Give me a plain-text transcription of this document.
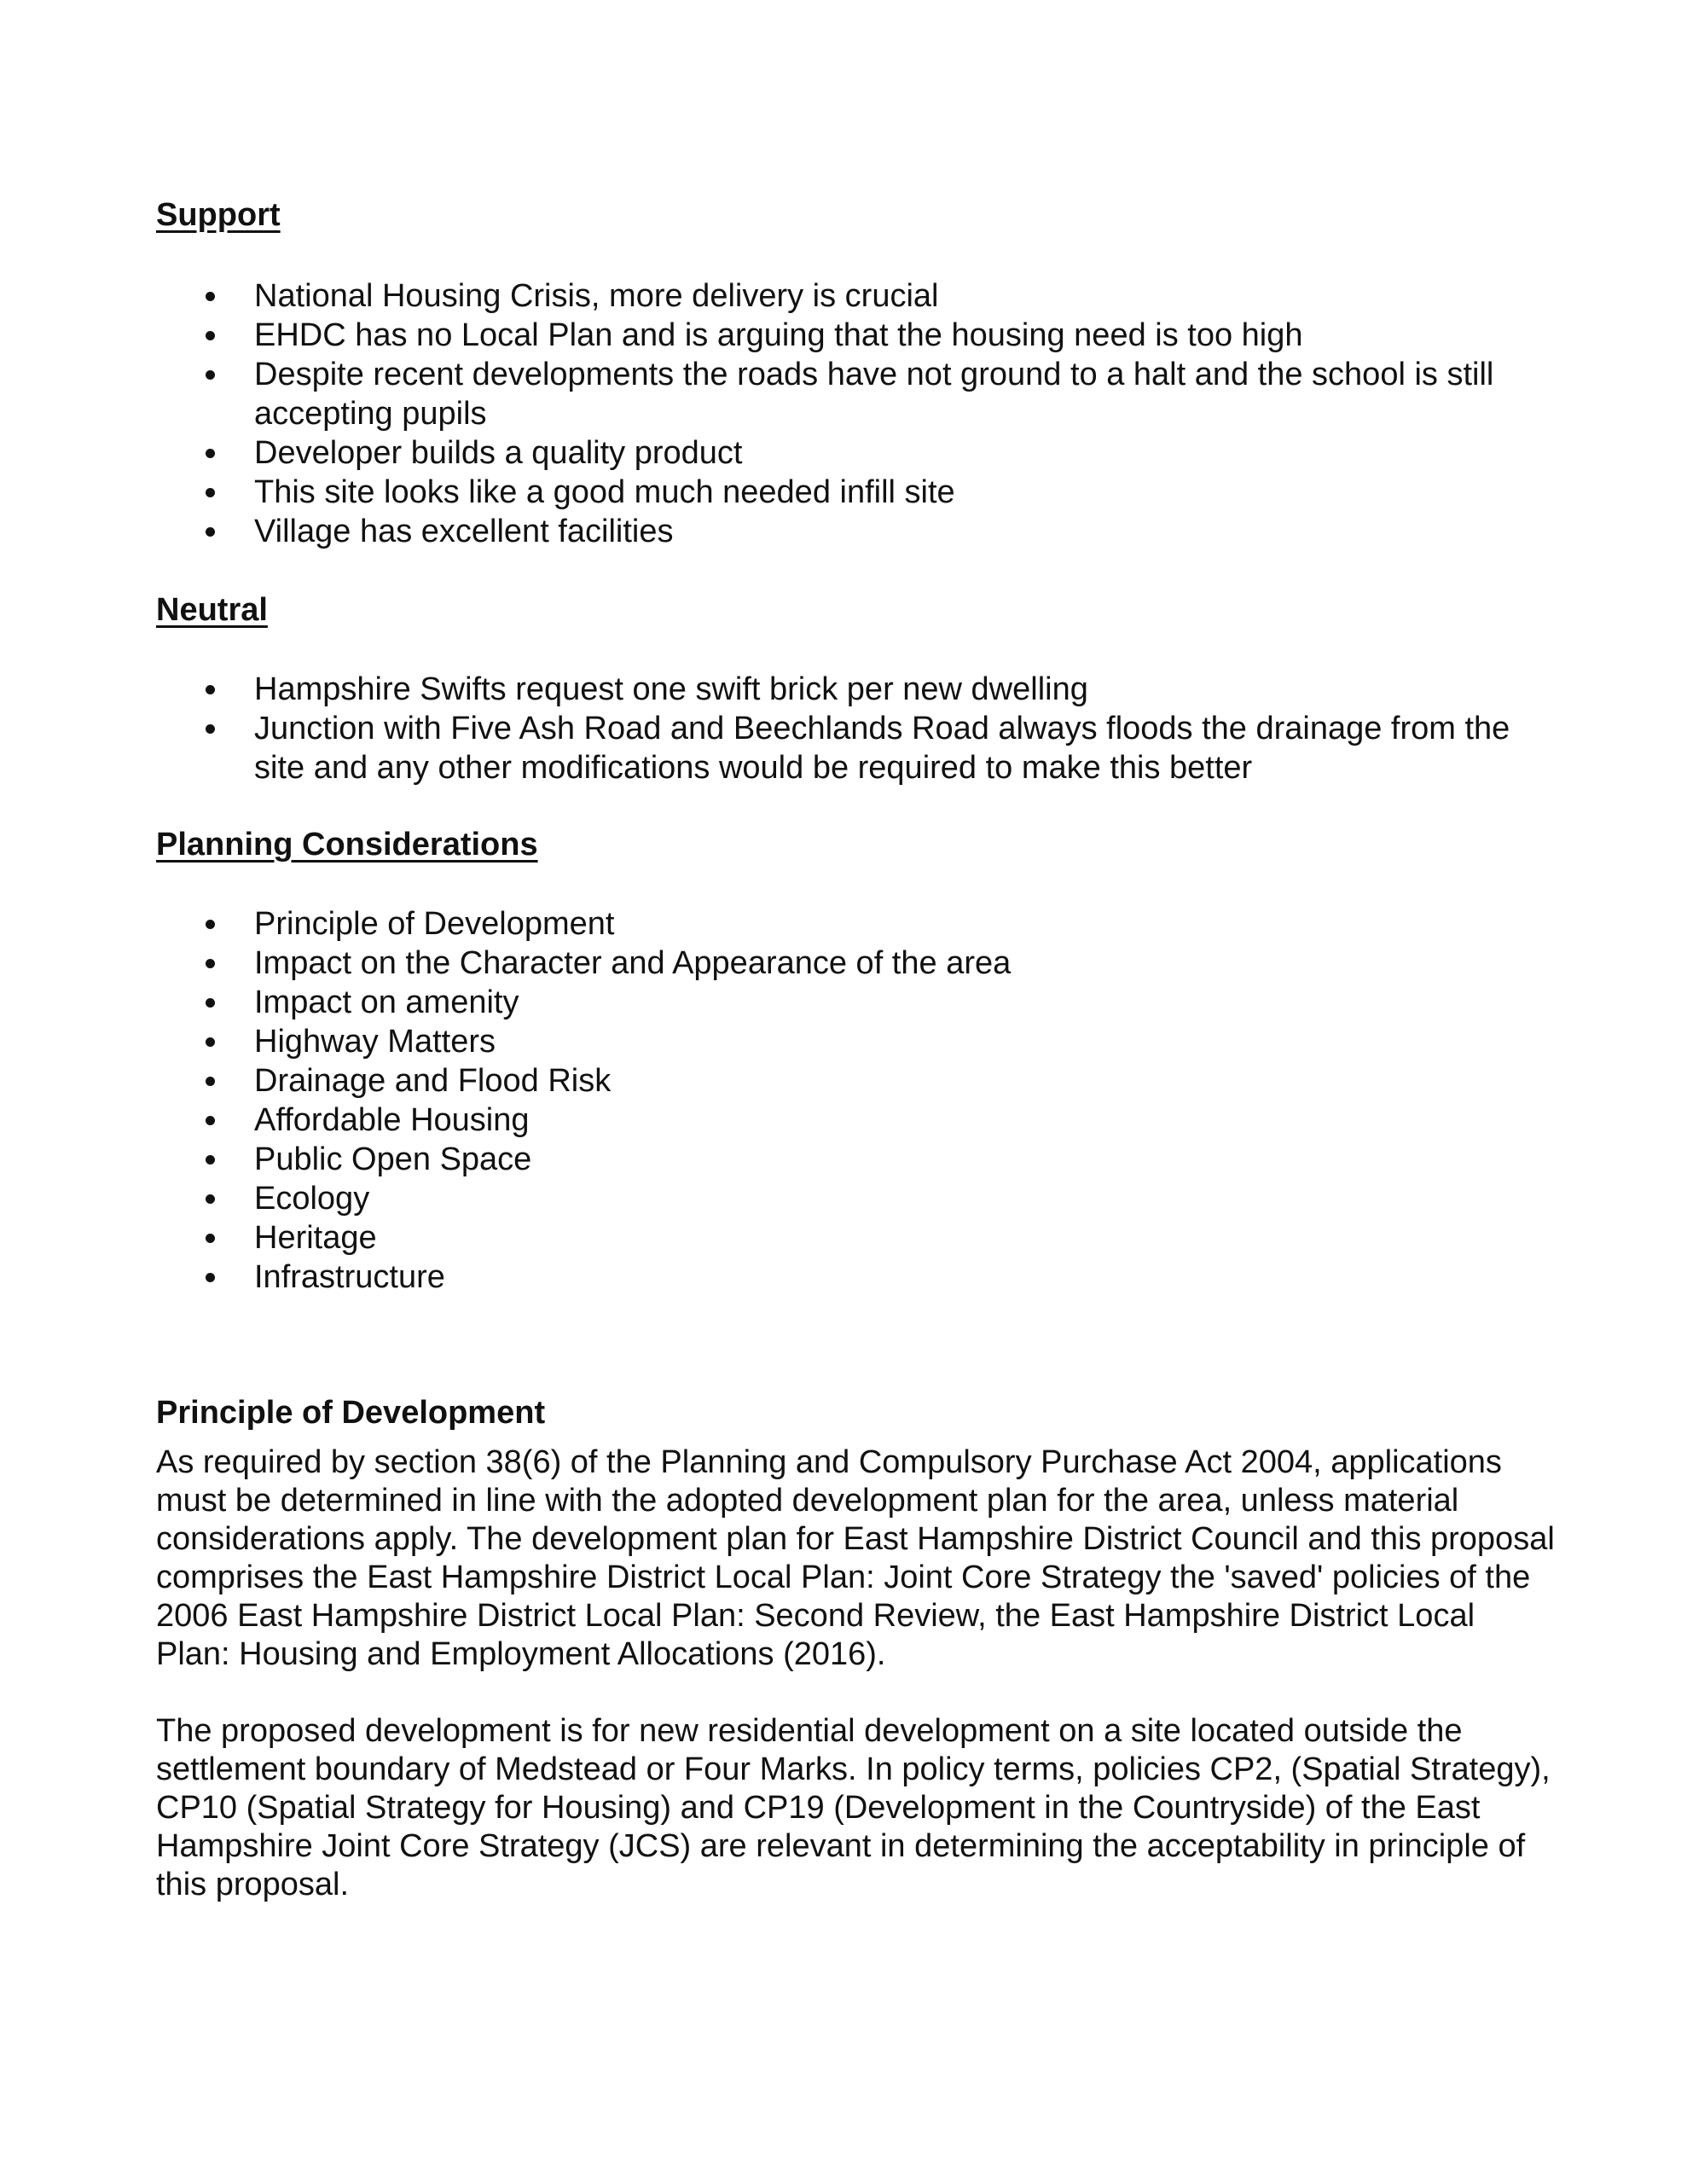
Support
National Housing Crisis, more delivery is crucial
EHDC has no Local Plan and is arguing that the housing need is too high
Despite recent developments the roads have not ground to a halt and the school is still accepting pupils
Developer builds a quality product
This site looks like a good much needed infill site
Village has excellent facilities
Neutral
Hampshire Swifts request one swift brick per new dwelling
Junction with Five Ash Road and Beechlands Road always floods the drainage from the site and any other modifications would be required to make this better
Planning Considerations
Principle of Development
Impact on the Character and Appearance of the area
Impact on amenity
Highway Matters
Drainage and Flood Risk
Affordable Housing
Public Open Space
Ecology
Heritage
Infrastructure
Principle of Development

As required by section 38(6) of the Planning and Compulsory Purchase Act 2004, applications must be determined in line with the adopted development plan for the area, unless material considerations apply. The development plan for East Hampshire District Council and this proposal comprises the East Hampshire District Local Plan: Joint Core Strategy the 'saved' policies of the 2006 East Hampshire District Local Plan: Second Review, the East Hampshire District Local Plan: Housing and Employment Allocations (2016).

The proposed development is for new residential development on a site located outside the settlement boundary of Medstead or Four Marks. In policy terms, policies CP2, (Spatial Strategy), CP10 (Spatial Strategy for Housing) and CP19 (Development in the Countryside) of the East Hampshire Joint Core Strategy (JCS) are relevant in determining the acceptability in principle of this proposal.
